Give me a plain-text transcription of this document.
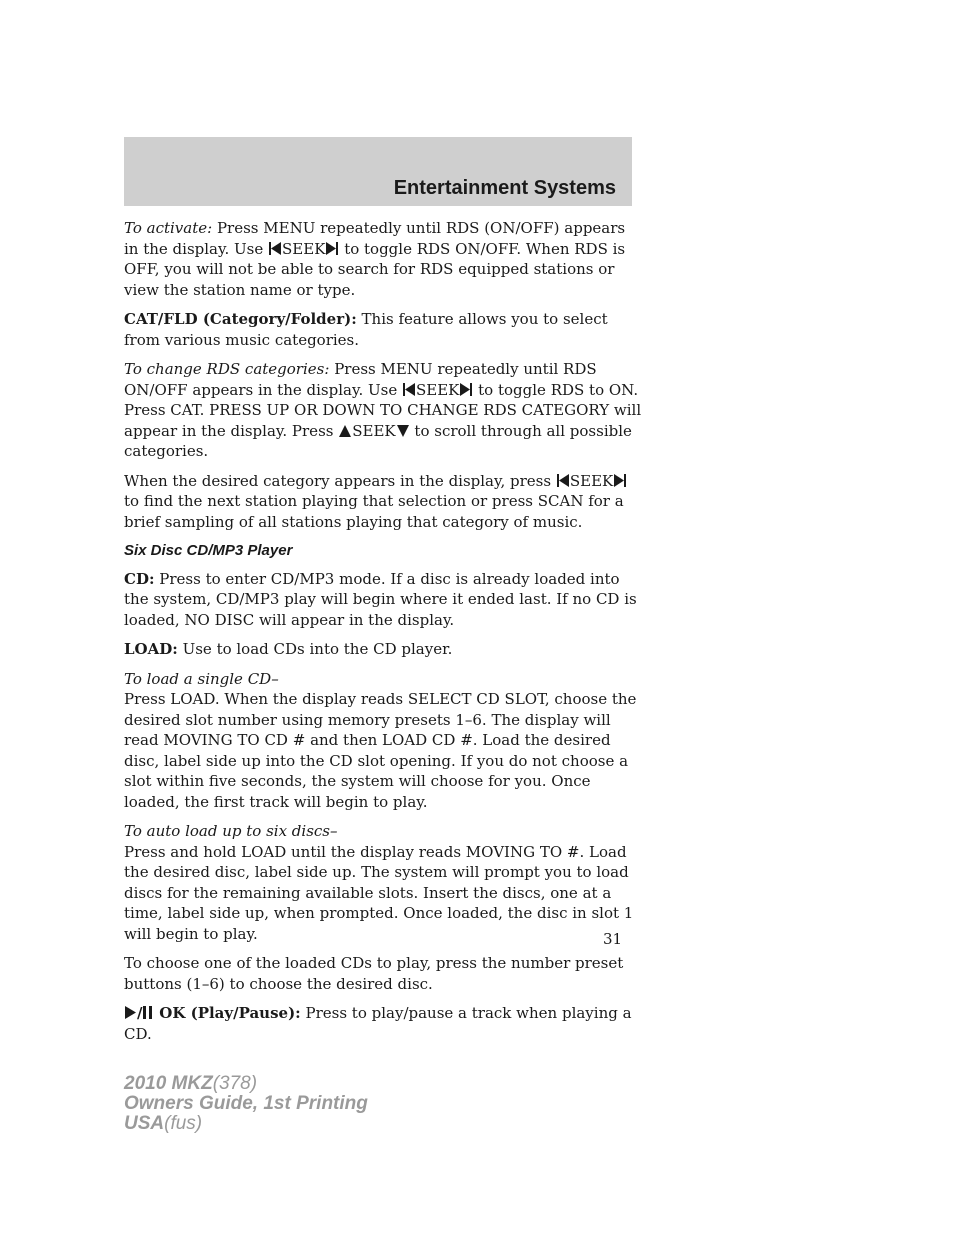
Entertainment Systems

To activate: Press MENU repeatedly until RDS (ON/OFF) appears in the display. Use SEEK to toggle RDS ON/OFF. When RDS is OFF, you will not be able to search for RDS equipped stations or view the station name or type.

CAT/FLD (Category/Folder): This feature allows you to select from various music categories.

To change RDS categories: Press MENU repeatedly until RDS ON/OFF appears in the display. Use SEEK to toggle RDS to ON. Press CAT. PRESS UP OR DOWN TO CHANGE RDS CATEGORY will appear in the display. Press SEEK to scroll through all possible categories.

When the desired category appears in the display, press SEEK to find the next station playing that selection or press SCAN for a brief sampling of all stations playing that category of music.

Six Disc CD/MP3 Player

CD: Press to enter CD/MP3 mode. If a disc is already loaded into the system, CD/MP3 play will begin where it ended last. If no CD is loaded, NO DISC will appear in the display.

LOAD: Use to load CDs into the CD player.

To load a single CD–
Press LOAD. When the display reads SELECT CD SLOT, choose the desired slot number using memory presets 1–6. The display will read MOVING TO CD # and then LOAD CD #. Load the desired disc, label side up into the CD slot opening. If you do not choose a slot within five seconds, the system will choose for you. Once loaded, the first track will begin to play.

To auto load up to six discs–
Press and hold LOAD until the display reads MOVING TO #. Load the desired disc, label side up. The system will prompt you to load discs for the remaining available slots. Insert the discs, one at a time, label side up, when prompted. Once loaded, the disc in slot 1 will begin to play.

To choose one of the loaded CDs to play, press the number preset buttons (1–6) to choose the desired disc.

/ OK (Play/Pause): Press to play/pause a track when playing a CD.

31
2010 MKZ(378)
Owners Guide, 1st Printing
USA(fus)
